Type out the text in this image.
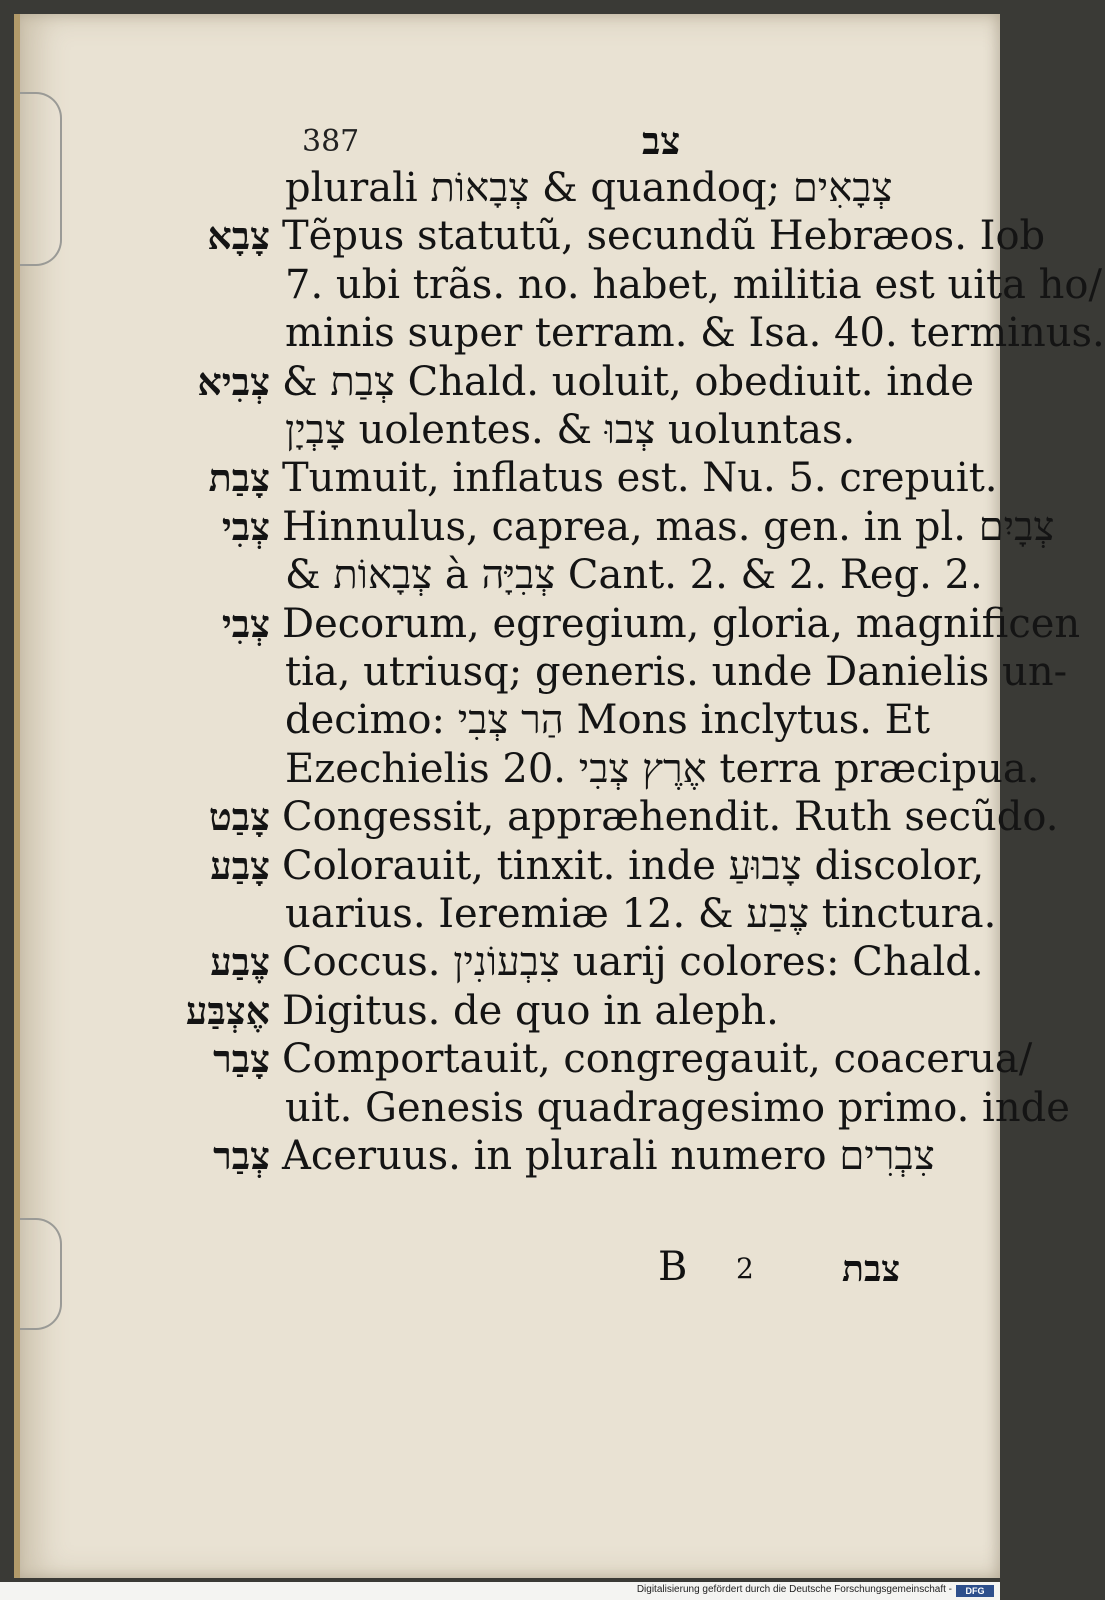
387	צב
plurali צְבָאוֹת & quandoq; צְבָאִים
צָבָא Tẽpus statutũ, secundũ Hebræos. Iob
7. ubi trãs. no. habet, militia est uita ho/
minis super terram. & Isa. 40. terminus.
צְבִיא & צְבַת Chald. uoluit, obediuit. inde
צָבְיָן uolentes. & צְבוּ uoluntas.
צָבַת Tumuit, inflatus est. Nu. 5. crepuit.
צְבִי Hinnulus, caprea, mas. gen. in pl. צְבָיִם
& צְבָאוֹת à צְבִיָּה Cant. 2. & 2. Reg. 2.
צְבִי Decorum, egregium, gloria, magnificen
tia, utriusq; generis. unde Danielis un-
decimo: הַר צְבִי Mons inclytus. Et
Ezechielis 20. אֶרֶץ צְבִי terra præcipua.
צָבַט Congessit, appræhendit. Ruth secũdo.
צָבַע Colorauit, tinxit. inde צָבוּעַ discolor,
uarius. Ieremiæ 12. & צֶבַע tinctura.
צֶבַע Coccus. צִבְעוֹנִין uarij colores: Chald.
אֶצְבַּע Digitus. de quo in aleph.
צָבַר Comportauit, congregauit, coacerua/
uit. Genesis quadragesimo primo. inde
צְבַר Aceruus. in plurali numero צִבְרִים
B 2 צבת
Digitalisierung gefördert durch die Deutsche Forschungsgemeinschaft -	DFG
